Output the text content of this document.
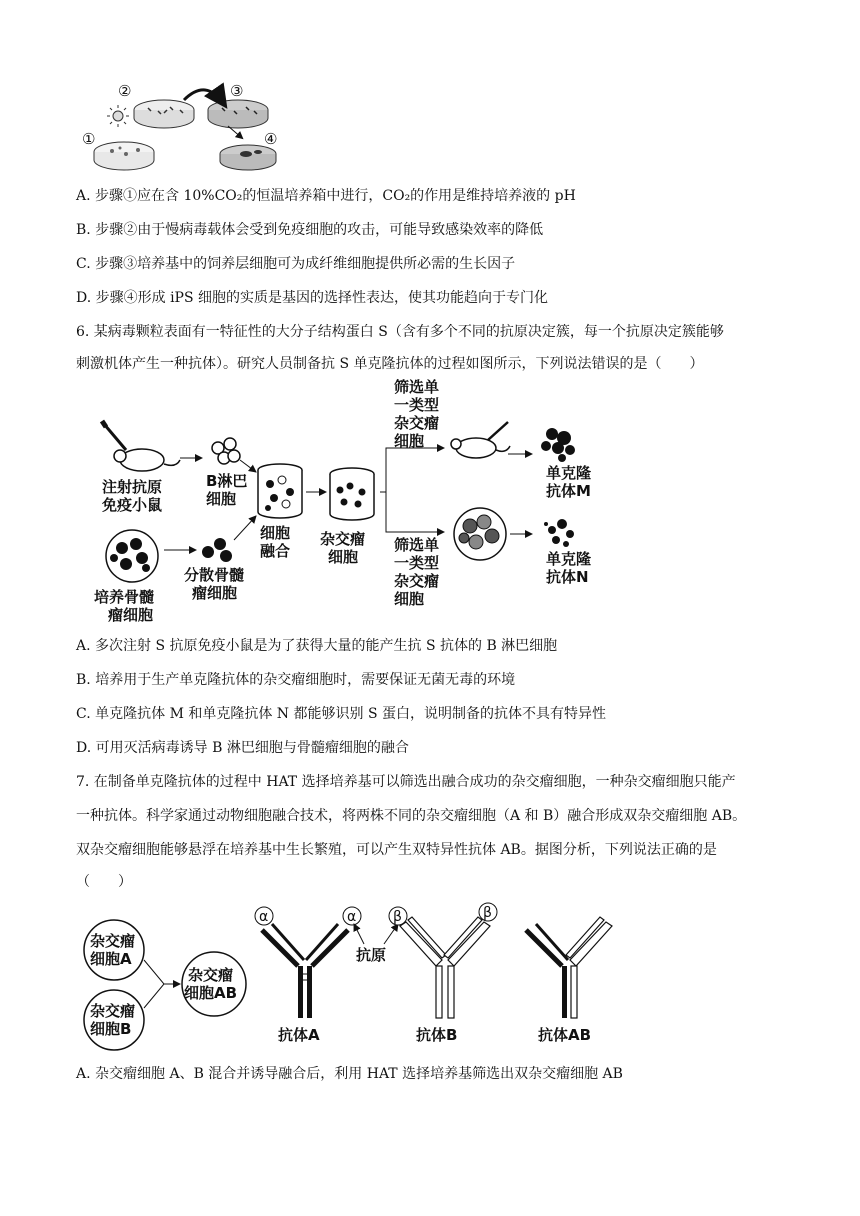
①
②	③
④
A. 步骤①应在含 10%CO₂的恒温培养箱中进行，CO₂的作用是维持培养液的 pH
B. 步骤②由于慢病毒载体会受到免疫细胞的攻击，可能导致感染效率的降低
C. 步骤③培养基中的饲养层细胞可为成纤维细胞提供所必需的生长因子
D. 步骤④形成 iPS 细胞的实质是基因的选择性表达，使其功能趋向于专门化
6. 某病毒颗粒表面有一特征性的大分子结构蛋白 S（含有多个不同的抗原决定簇，每一个抗原决定簇能够
刺激机体产生一种抗体）。研究人员制备抗 S 单克隆抗体的过程如图所示，下列说法错误的是（　　）
注射抗原
免疫小鼠
B淋巴
细胞
培养骨髓
瘤细胞
分散骨髓
瘤细胞
细胞
融合
杂交瘤
细胞
筛选单
一类型
杂交瘤
细胞
单克隆
抗体M
单克隆
抗体N
筛选单
一类型
杂交瘤
细胞
A. 多次注射 S 抗原免疫小鼠是为了获得大量的能产生抗 S 抗体的 B 淋巴细胞
B. 培养用于生产单克隆抗体的杂交瘤细胞时，需要保证无菌无毒的环境
C. 单克隆抗体 M 和单克隆抗体 N 都能够识别 S 蛋白，说明制备的抗体不具有特异性
D. 可用灭活病毒诱导 B 淋巴细胞与骨髓瘤细胞的融合
7. 在制备单克隆抗体的过程中 HAT 选择培养基可以筛选出融合成功的杂交瘤细胞，一种杂交瘤细胞只能产
一种抗体。科学家通过动物细胞融合技术，将两株不同的杂交瘤细胞（A 和 B）融合形成双杂交瘤细胞 AB。
双杂交瘤细胞能够悬浮在培养基中生长繁殖，可以产生双特异性抗体 AB。据图分析，下列说法正确的是
（　　）
杂交瘤
细胞A
杂交瘤
细胞B
杂交瘤
细胞AB
α	α
抗体A
抗原
β	β
抗体B	抗体AB
A. 杂交瘤细胞 A、B 混合并诱导融合后，利用 HAT 选择培养基筛选出双杂交瘤细胞 AB
